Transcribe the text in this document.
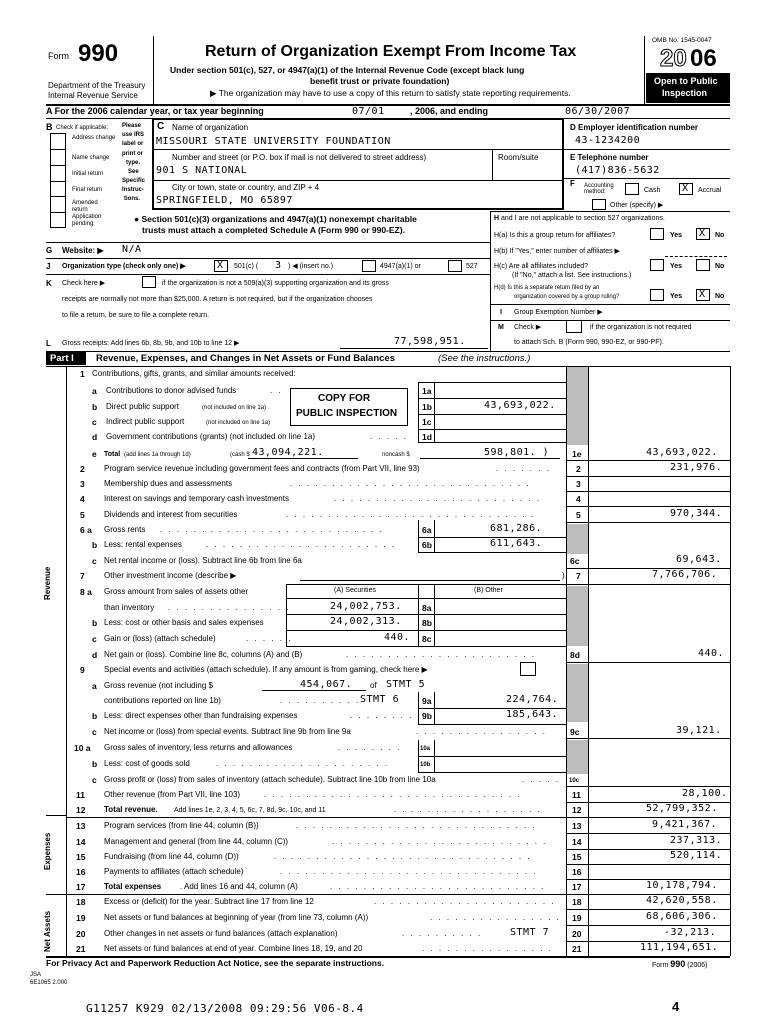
Form 990
Department of the Treasury
Internal Revenue Service
Return of Organization Exempt From Income Tax
Under section 501(c), 527, or 4947(a)(1) of the Internal Revenue Code (except black lung
benefit trust or private foundation)
▶ The organization may have to use a copy of this return to satisfy state reporting requirements.
OMB No. 1545-0047
20 06
Open to Public
Inspection
A For the 2006 calendar year, or tax year beginning	07/01	, 2006, and ending	06/30/2007
B Check if applicable:
Address change
Name change
Initial return
Final return
Amended return
Application pending
Please
use IRS
label or
print or
type.
See
Specific
Instruc-
tions.
C Name of organization
MISSOURI STATE UNIVERSITY FOUNDATION
Number and street (or P.O. box if mail is not delivered to street address)	Room/suite
901 S NATIONAL
City or town, state or country, and ZIP + 4
SPRINGFIELD, MO 65897
D Employer identification number
43-1234200
E Telephone number
(417)836-5632
F Accounting method:	Cash X Accrual
Other (specify) ▶
● Section 501(c)(3) organizations and 4947(a)(1) nonexempt charitable
trusts must attach a completed Schedule A (Form 990 or 990-EZ).
H and I are not applicable to section 527 organizations.
H(a) Is this a group return for affiliates?	Yes X No
H(b) If "Yes," enter number of affiliates ▶
H(c) Are all affiliates included?
(If "No," attach a list. See instructions.)
Yes	No
H(d) Is this a separate return filed by an
organization covered by a group ruling?	Yes X No
I Group Exemption Number ▶
M Check ▶	if the organization is not required
to attach Sch. B (Form 990, 990-EZ, or 990-PF).
G Website: ▶ N/A
J Organization type (check only one) ▶	X 501(c) ( 3 ) ◀ (insert no.)	4947(a)(1) or	527
K Check here ▶	if the organization is not a 509(a)(3) supporting organization and its gross
receipts are normally not more than $25,000. A return is not required, but if the organization chooses
to file a return, be sure to file a complete return.
L Gross receipts: Add lines 6b, 8b, 9b, and 10b to line 12 ▶	77,598,951.
Part I Revenue, Expenses, and Changes in Net Assets or Fund Balances	(See the instructions.)
Revenue
Expenses
Net Assets
COPY FOR
PUBLIC INSPECTION
1 Contributions, gifts, grants, and similar amounts received:
a Contributions to donor advised funds	. .	1a
b Direct public support	(not included on line 1a)	1b	43,693,022.
c Indirect public support	(not included on line 1a)	1c
d Government contributions (grants) (not included on line 1a)	. . . . . 1d
e Total (add lines 1a through 1d)	(cash $ 43,094,221.	noncash $	598,801. )	1e	43,693,022.
2 Program service revenue including government fees and contracts (from Part VII, line 93)	. . . . . . .	2	231,976.
3 Membership dues and assessments	. . . . . . . . . . . . . . . . . . . . . . . . . . . . .	3
4 Interest on savings and temporary cash investments	. . . . . . . . . . . . . . . . . . . . . . . . .	4
5 Dividends and interest from securities	. . . . . . . . . . . . . . . . . . . . . . . . . . . . . .	5	970,344.
6 a Gross rents . . . . . . . . . . . . . . . . . . . . . . . . . . .	6a	681,286.
b Less: rental expenses	. . . . . . . . . . . . . . . . . . . . . . .	6b	611,643.
c Net rental income or (loss). Subtract line 6b from line 6a	6c	69,643.
7 Other investment income (describe ▶	) 7	7,766,706.
8 a Gross amount from sales of assets other	(A) Securities	(B) Other
than inventory . . . . . . . . . . . . . . .	24,002,753. 8a
b Less: cost or other basis and sales expenses	24,002,313. 8b
c Gain or (loss) (attach schedule)	. . . . . .	440. 8c
d Net gain or (loss). Combine line 8c, columns (A) and (B)	. . . . . . . . . . . . . . . . . . . . . . .	8d	440.
9 Special events and activities (attach schedule). If any amount is from gaming, check here ▶
a Gross revenue (not including $	454,067. of STMT 5
contributions reported on line 1b)	. . . . . . . . . . STMT 6	9a	224,764.
b Less: direct expenses other than fundraising expenses	. . . . . . . . 9b	185,643.
c Net income or (loss) from special events. Subtract line 9b from line 9a	. . . . . . . . . . . . . . . .	9c	39,121.
10 a Gross sales of inventory, less returns and allowances	. . . . . . . .	10a
b Less: cost of goods sold	. . . . . . . . . . . . . . . . . . . . .	10b
c Gross profit or (loss) from sales of inventory (attach schedule). Subtract line 10b from line 10a	. . . . . 10c
11 Other revenue (from Part VII, line 103)	. . . . . . . . . . . . . . . . . . . . . . . . . . . . . . .	11	28,100.
12 Total revenue. Add lines 1e, 2, 3, 4, 5, 6c, 7, 8d, 9c, 10c, and 11	. . . . . . . . . . . . . . . . . .	12	52,799,352.
13 Program services (from line 44, column (B))	. . . . . . . . . . . . . . . . . . . . . . . . . . . . .	13	9,421,367.
14 Management and general (from line 44, column (C))	. . . . . . . . . . . . . . . . . . . . . . . . . .	14	237,313.
15 Fundraising (from line 44, column (D))	. . . . . . . . . . . . . . . . . . . . . . . . . . . . . . .	15	520,114.
16 Payments to affiliates (attach schedule)	. . . . . . . . . . . . . . . . . . . . . . . . . . . . . . .	16
17 Total expenses . Add lines 16 and 44, column (A)	. . . . . . . . . . . . . . . . . . . . . . . . . .	17	10,178,794.
18 Excess or (deficit) for the year. Subtract line 17 from line 12	. . . . . . . . . . . . . . . . . . . . . . 18	42,620,558.
19 Net assets or fund balances at beginning of year (from line 73, column (A))	. . . . . . . . . . . . . . . . 19	68,606,306.
20 Other changes in net assets or fund balances (attach explanation)	. . . . . . . . . .	STMT 7	20	-32,213.
21 Net assets or fund balances at end of year. Combine lines 18, 19, and 20	. . . . . . . . . . . . . . . . 21	111,194,651.
For Privacy Act and Paperwork Reduction Act Notice, see the separate instructions.	Form 990 (2006)
JSA
6E1065 2.000
G11257 K929 02/13/2008 09:29:56 V06-8.4	4
